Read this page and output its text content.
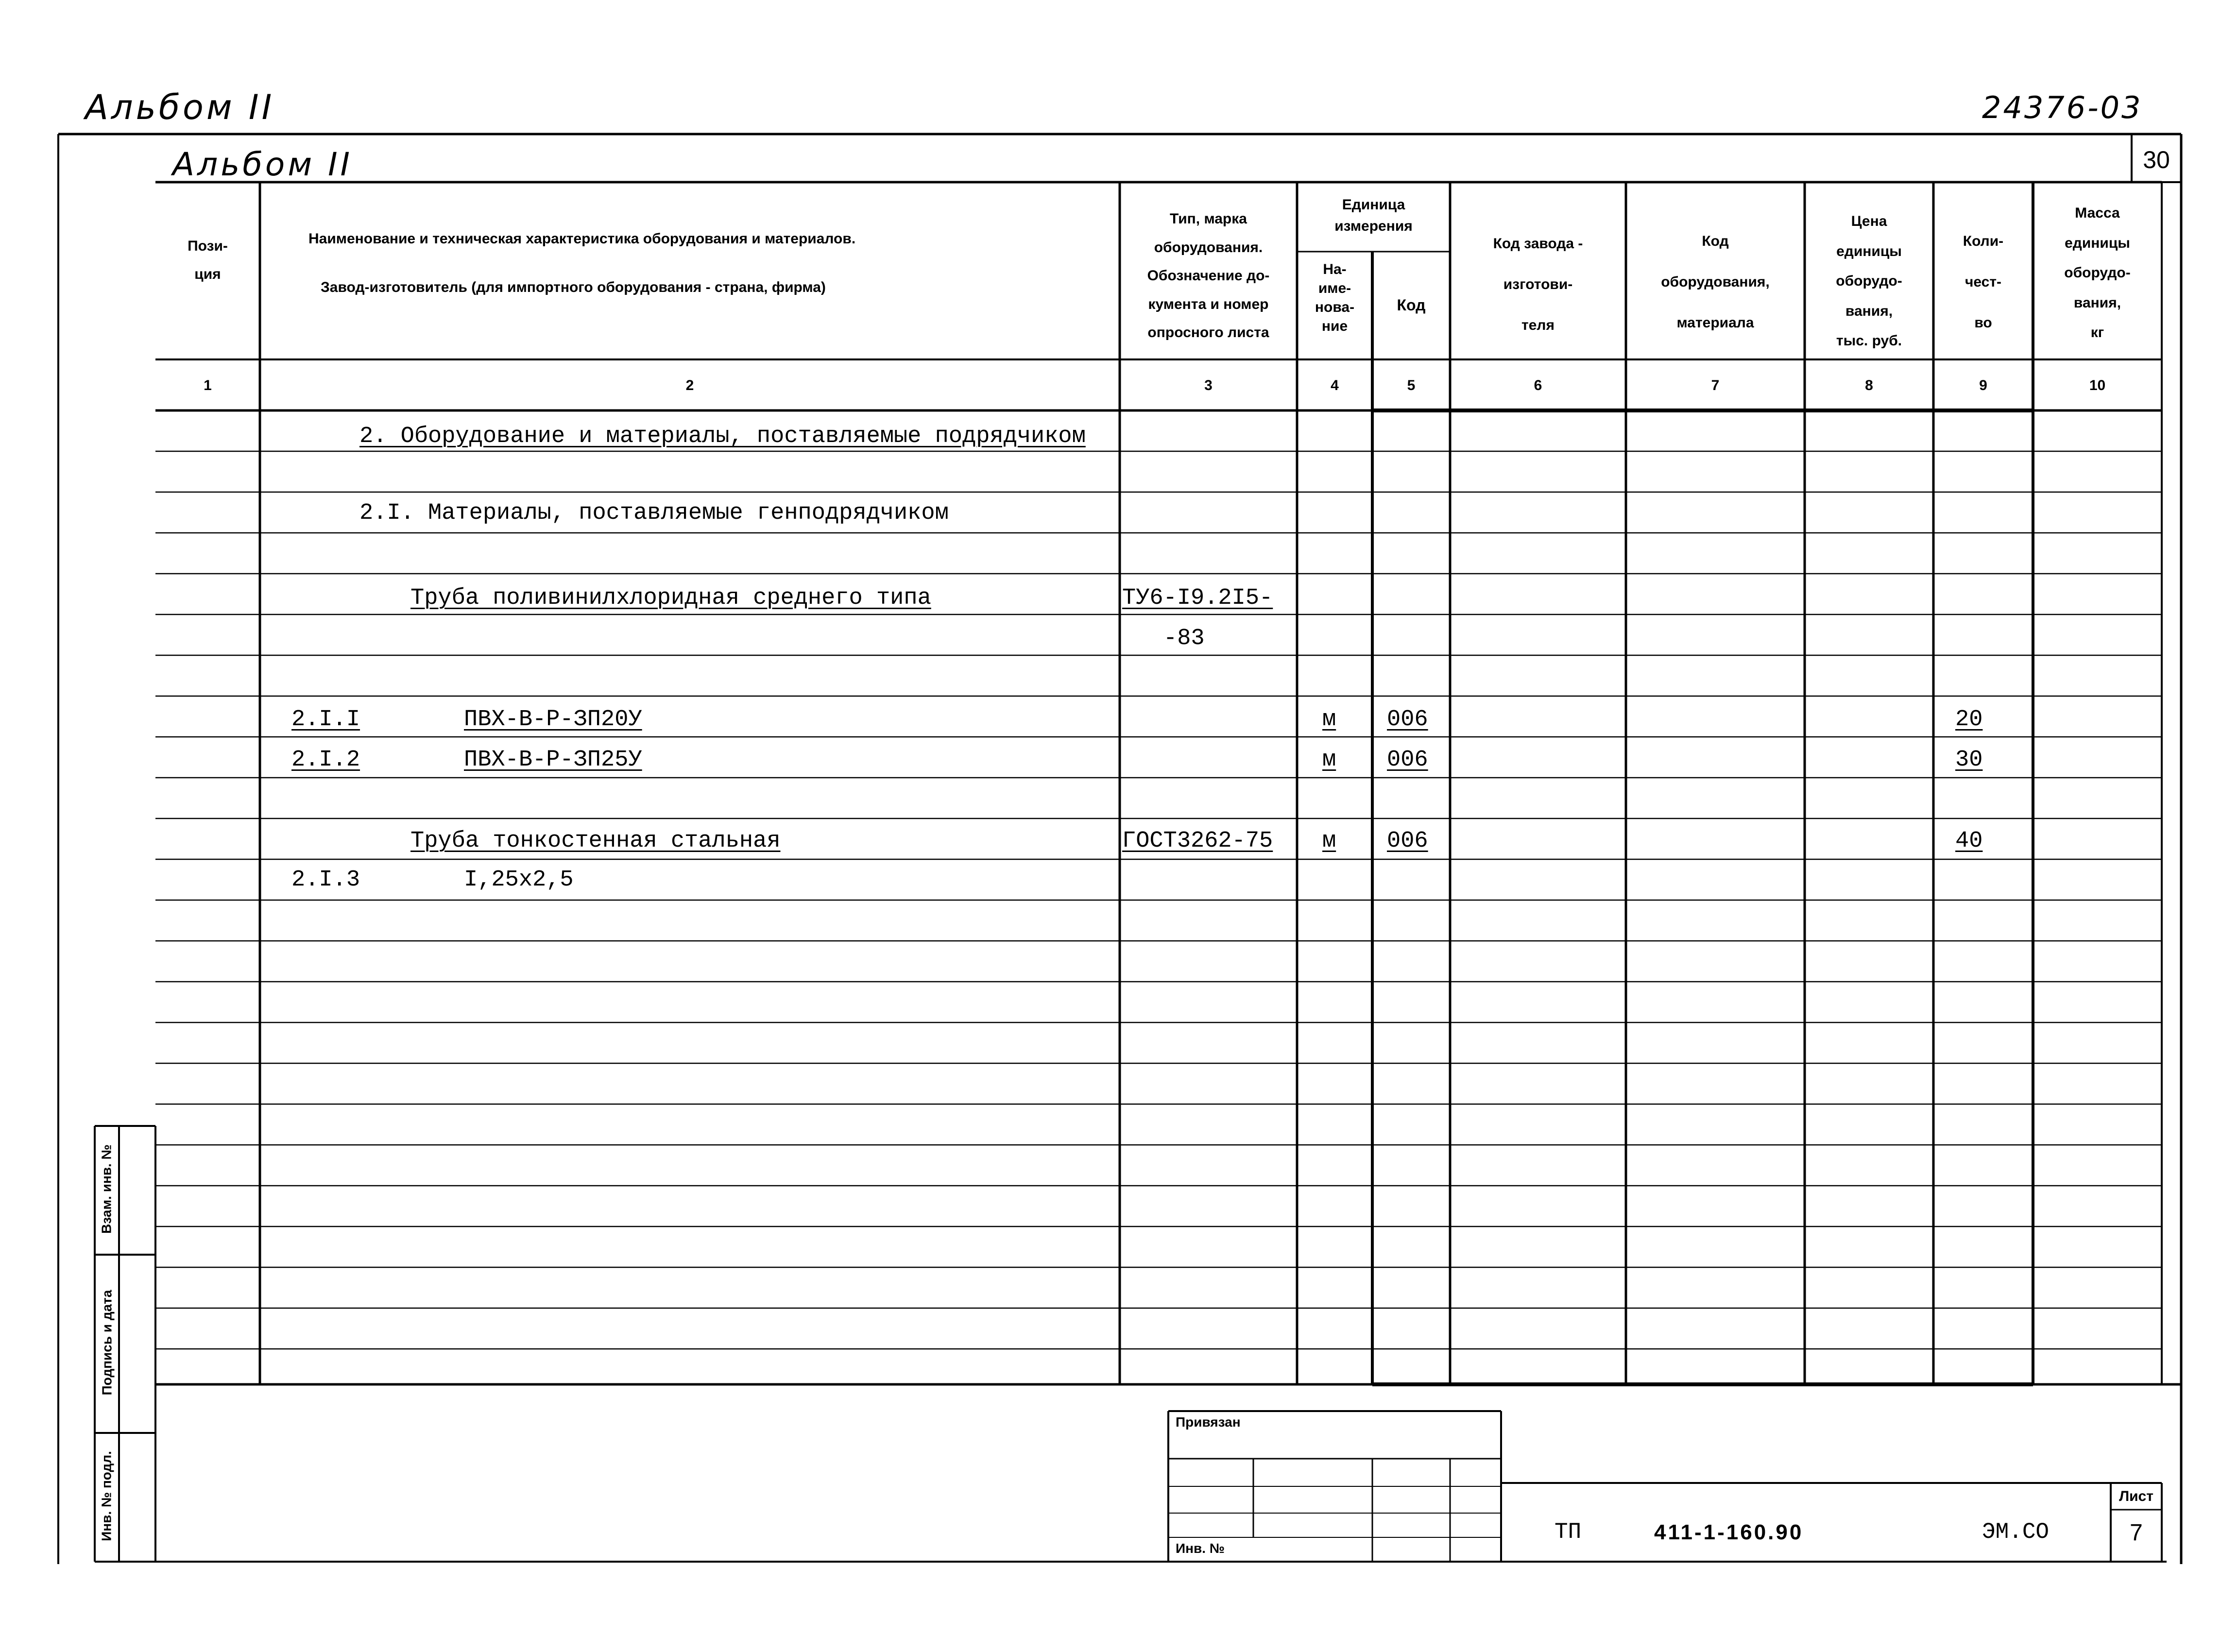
Альбом II	24376-03
Альбом II	30
Пози-
ция
Наименование и техническая характеристика оборудования и материалов.
Завод-изготовитель (для импортного оборудования - страна, фирма)
Тип, марка
оборудования.
Обозначение до-
кумента и номер
опросного листа
Единица
измерения
На-
име-
нова-
ние
Код
Код завода -
изготови-
теля
Код
оборудования,
материала
Цена
единицы
оборудо-
вания,
тыс. руб.
Коли-
чест-
во
Масса
единицы
оборудо-
вания,
кг
1	2	3	4	5	6	7	8	9	10
2. Оборудование и материалы, поставляемые подрядчиком
2.I. Материалы, поставляемые генподрядчиком
Труба поливинилхлоридная среднего типа	ТУ6-I9.2I5-
-83
2.I.I	ПВХ-В-Р-ЗП20У	м 006	20
2.I.2	ПВХ-В-Р-ЗП25У	м 006	30
Труба тонкостенная стальная	ГОСТ3262-75 м 006	40
2.I.3	I,25х2,5
Взам. инв. №
Подпись и дата
Инв. № подл.
Привязан
Инв. №
ТП	411-1-160.90	ЭМ.СО
Лист
7
